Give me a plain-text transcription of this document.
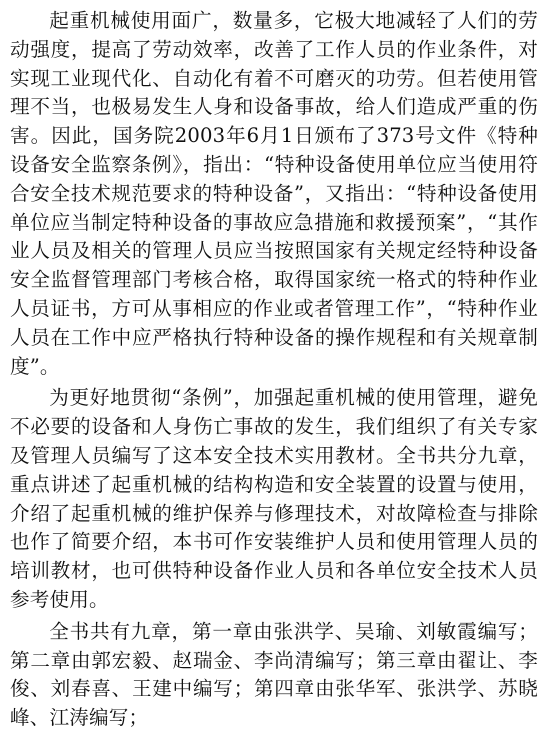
起重机械使用面广，数量多，它极大地减轻了人们的劳动强度，提高了劳动效率，改善了工作人员的作业条件，对实现工业现代化、自动化有着不可磨灭的功劳。但若使用管理不当，也极易发生人身和设备事故，给人们造成严重的伤害。因此，国务院2003年6月1日颁布了373号文件《特种设备安全监察条例》，指出：“特种设备使用单位应当使用符合安全技术规范要求的特种设备”，又指出：“特种设备使用单位应当制定特种设备的事故应急措施和救援预案”，“其作业人员及相关的管理人员应当按照国家有关规定经特种设备安全监督管理部门考核合格，取得国家统一格式的特种作业人员证书，方可从事相应的作业或者管理工作”，“特种作业人员在工作中应严格执行特种设备的操作规程和有关规章制度”。

为更好地贯彻“条例”，加强起重机械的使用管理，避免不必要的设备和人身伤亡事故的发生，我们组织了有关专家及管理人员编写了这本安全技术实用教材。全书共分九章，重点讲述了起重机械的结构构造和安全装置的设置与使用，介绍了起重机械的维护保养与修理技术，对故障检查与排除也作了简要介绍，本书可作安装维护人员和使用管理人员的培训教材，也可供特种设备作业人员和各单位安全技术人员参考使用。

全书共有九章，第一章由张洪学、吴瑜、刘敏霞编写；第二章由郭宏毅、赵瑞金、李尚清编写；第三章由翟让、李俊、刘春喜、王建中编写；第四章由张华军、张洪学、苏晓峰、江涛编写；
